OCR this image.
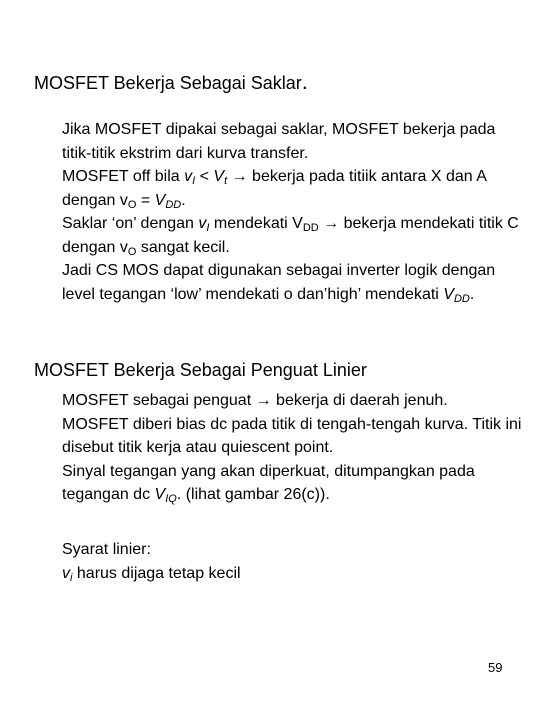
MOSFET Bekerja Sebagai Saklar.

Jika MOSFET dipakai sebagai saklar, MOSFET bekerja pada titik-titik ekstrim dari kurva transfer.

MOSFET off bila $v_I < V_t$ → bekerja pada titiik antara X dan A dengan $v_O = V_{DD}$.

Saklar ‘on’ dengan $v_I$ mendekati $V_{DD}$ → bekerja mendekati titik C dengan $v_O$ sangat kecil.

Jadi CS MOS dapat digunakan sebagai inverter logik dengan level tegangan ‘low’ mendekati o dan’high’ mendekati $V_{DD}$.

MOSFET Bekerja Sebagai Penguat Linier

MOSFET sebagai penguat → bekerja di daerah jenuh.

MOSFET diberi bias dc pada titik di tengah-tengah kurva. Titik ini disebut titik kerja atau quiescent point.

Sinyal tegangan yang akan diperkuat, ditumpangkan pada tegangan dc $V_{IQ}$. (lihat gambar 26(c)).

Syarat linier:

$v_i$ harus dijaga tetap kecil

59
